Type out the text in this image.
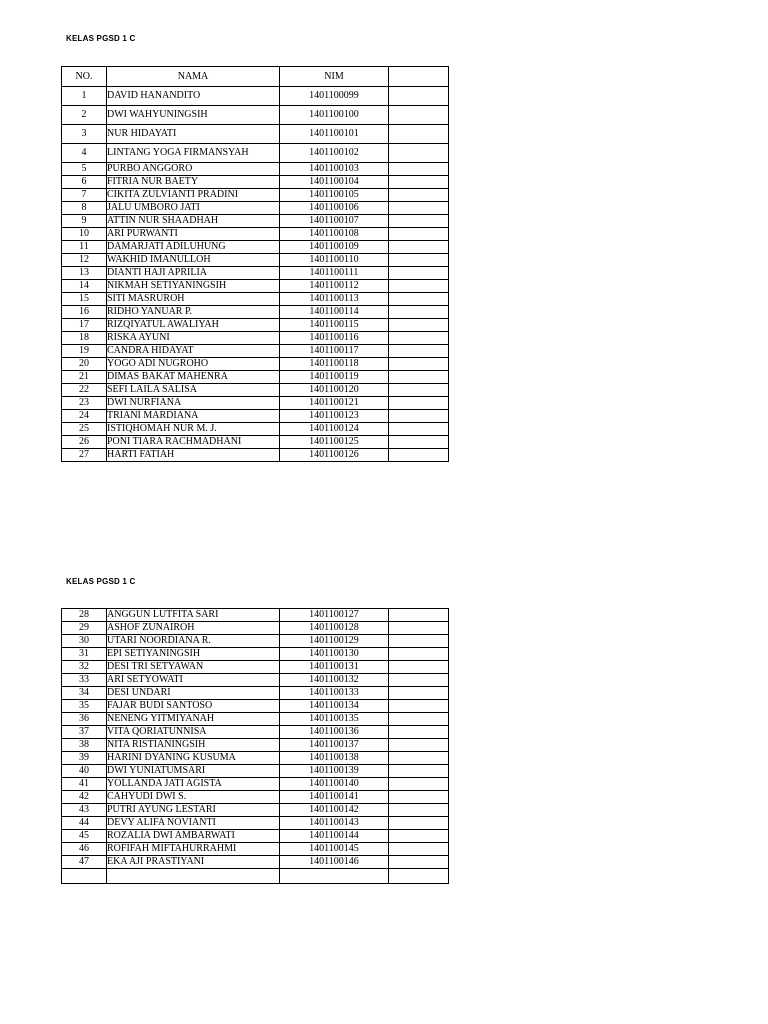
KELAS PGSD 1 C
NO.	NAMA	NIM	
1	DAVID HANANDITO	1401100099	
2	DWI WAHYUNINGSIH	1401100100	
3	NUR HIDAYATI	1401100101	
4	LINTANG YOGA FIRMANSYAH	1401100102	
5	PURBO ANGGORO	1401100103	
6	FITRIA NUR BAETY	1401100104	
7	CIKITA ZULVIANTI PRADINI	1401100105	
8	JALU UMBORO JATI	1401100106	
9	ATTIN NUR SHAADHAH	1401100107	
10	ARI PURWANTI	1401100108	
11	DAMARJATI ADILUHUNG	1401100109	
12	WAKHID IMANULLOH	1401100110	
13	DIANTI HAJI APRILIA	1401100111	
14	NIKMAH SETIYANINGSIH	1401100112	
15	SITI MASRUROH	1401100113	
16	RIDHO YANUAR P.	1401100114	
17	RIZQIYATUL AWALIYAH	1401100115	
18	RISKA AYUNI	1401100116	
19	CANDRA HIDAYAT	1401100117	
20	YOGO ADI NUGROHO	1401100118	
21	DIMAS BAKAT MAHENRA	1401100119	
22	SEFI LAILA SALISA	1401100120	
23	DWI NURFIANA	1401100121	
24	TRIANI MARDIANA	1401100123	
25	ISTIQHOMAH NUR M. J.	1401100124	
26	PONI TIARA RACHMADHANI	1401100125	
27	HARTI FATIAH	1401100126	
KELAS PGSD 1 C
28	ANGGUN LUTFITA SARI	1401100127	
29	ASHOF ZUNAIROH	1401100128	
30	UTARI NOORDIANA R.	1401100129	
31	EPI SETIYANINGSIH	1401100130	
32	DESI TRI SETYAWAN	1401100131	
33	ARI SETYOWATI	1401100132	
34	DESI UNDARI	1401100133	
35	FAJAR BUDI SANTOSO	1401100134	
36	NENENG YITMIYANAH	1401100135	
37	VITA QORIATUNNISA	1401100136	
38	NITA RISTIANINGSIH	1401100137	
39	HARINI DYANING KUSUMA	1401100138	
40	DWI YUNIATUMSARI	1401100139	
41	YOLLANDA JATI AGISTA	1401100140	
42	CAHYUDI DWI S.	1401100141	
43	PUTRI AYUNG LESTARI	1401100142	
44	DEVY ALIFA NOVIANTI	1401100143	
45	ROZALIA DWI AMBARWATI	1401100144	
46	ROFIFAH MIFTAHURRAHMI	1401100145	
47	EKA AJI PRASTIYANI	1401100146	
